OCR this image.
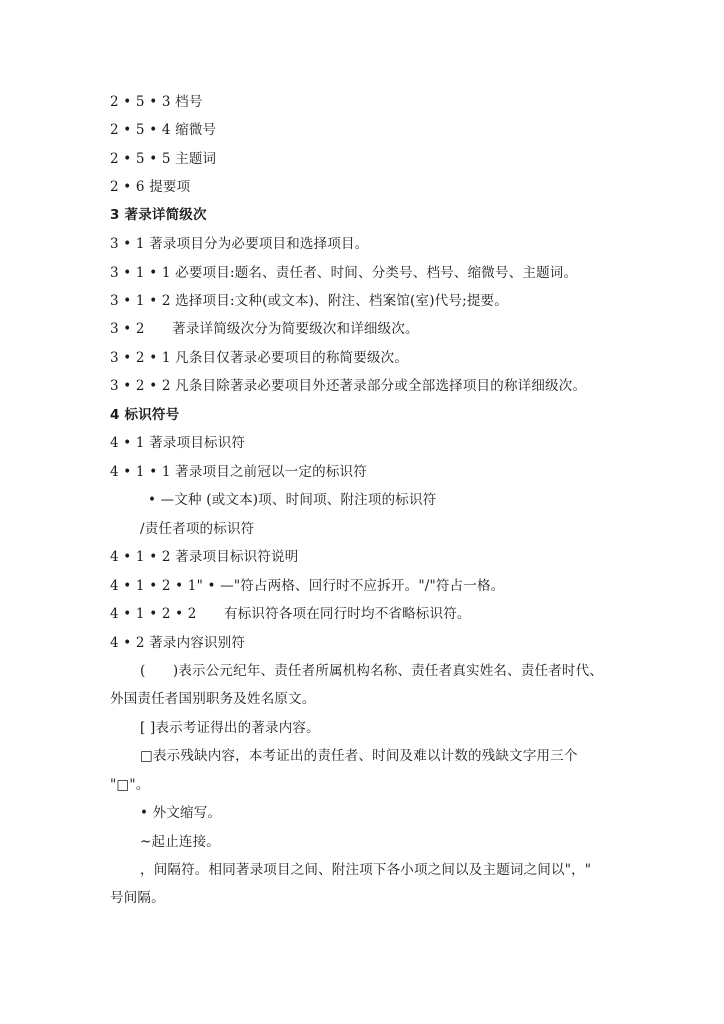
2 • 5 • 3 档号
2 • 5 • 4 缩微号
2 • 5 • 5 主题词
2 • 6 提要项
3 著录详简级次
3 • 1 著录项目分为必要项目和选择项目。
3 • 1 • 1 必要项目:题名、责任者、时间、分类号、档号、缩微号、主题词。
3 • 1 • 2 选择项目:文种(或文本)、附注、档案馆(室)代号;提要。
3 • 2　　著录详简级次分为简要级次和详细级次。
3 • 2 • 1 凡条目仅著录必要项目的称简要级次。
3 • 2 • 2 凡条目除著录必要项目外还著录部分或全部选择项目的称详细级次。
4 标识符号
4 • 1 著录项目标识符
4 • 1 • 1 著录项目之前冠以一定的标识符
• —文种 (或文本)项、时间项、附注项的标识符
/责任者项的标识符
4 • 1 • 2 著录项目标识符说明
4 • 1 • 2 • 1" • —"符占两格、回行时不应拆开。"/"符占一格。
4 • 1 • 2 • 2　　有标识符各项在同行时均不省略标识符。
4 • 2 著录内容识别符
(　　)表示公元纪年、责任者所属机构名称、责任者真实姓名、责任者时代、
外国责任者国别职务及姓名原文。
[ ]表示考证得出的著录内容。
□表示残缺内容，本考证出的责任者、时间及难以计数的残缺文字用三个
"□"。
• 外文缩写。
~起止连接。
，间隔符。相同著录项目之间、附注项下各小项之间以及主题词之间以"，"
号间隔。
